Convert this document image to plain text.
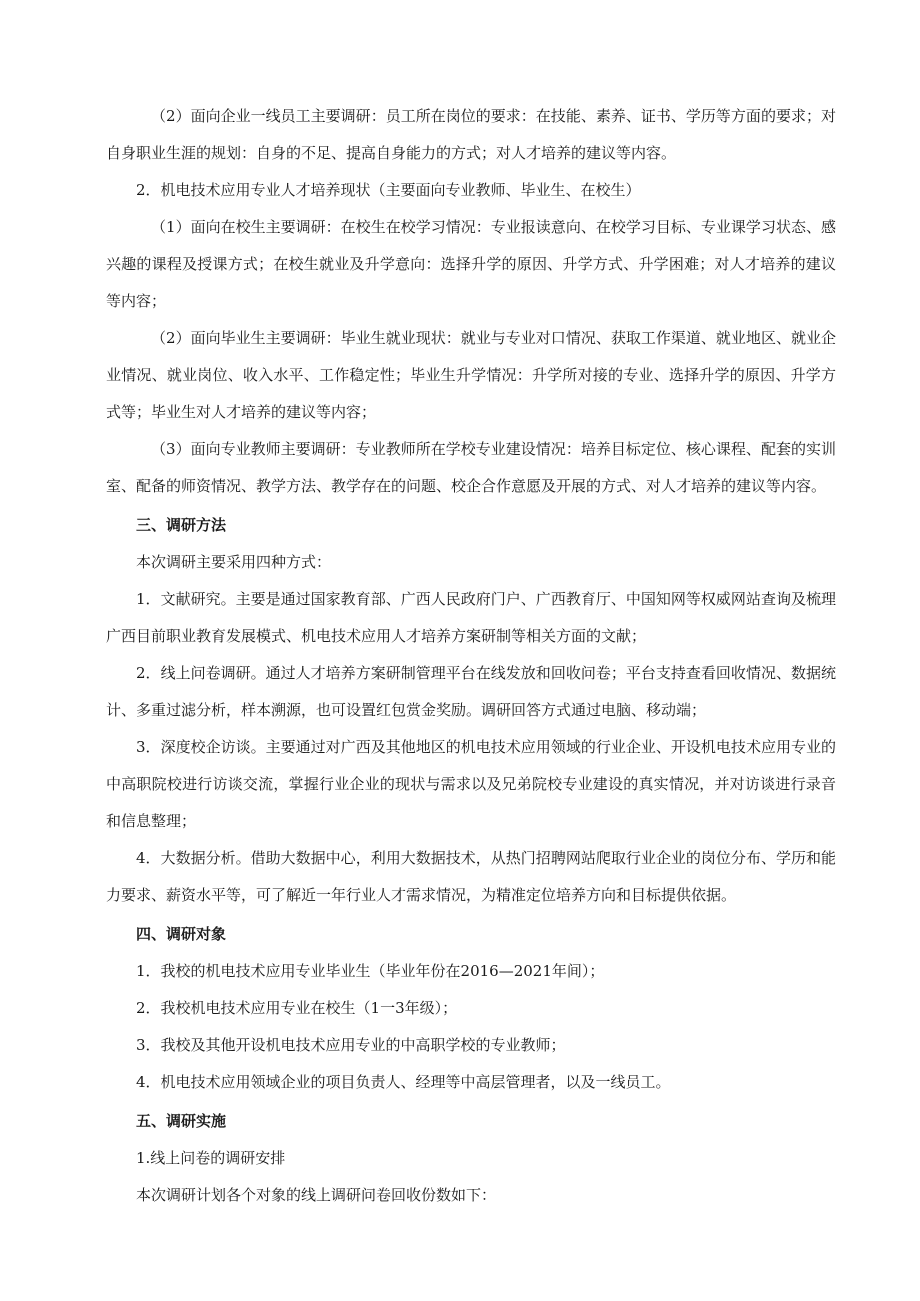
（2）面向企业一线员工主要调研：员工所在岗位的要求：在技能、素养、证书、学历等方面的要求；对自身职业生涯的规划：自身的不足、提高自身能力的方式；对人才培养的建议等内容。

2．机电技术应用专业人才培养现状（主要面向专业教师、毕业生、在校生）

（1）面向在校生主要调研：在校生在校学习情况：专业报读意向、在校学习目标、专业课学习状态、感兴趣的课程及授课方式；在校生就业及升学意向：选择升学的原因、升学方式、升学困难；对人才培养的建议等内容；

（2）面向毕业生主要调研：毕业生就业现状：就业与专业对口情况、获取工作渠道、就业地区、就业企业情况、就业岗位、收入水平、工作稳定性；毕业生升学情况：升学所对接的专业、选择升学的原因、升学方式等；毕业生对人才培养的建议等内容；

（3）面向专业教师主要调研：专业教师所在学校专业建设情况：培养目标定位、核心课程、配套的实训室、配备的师资情况、教学方法、教学存在的问题、校企合作意愿及开展的方式、对人才培养的建议等内容。

三、调研方法

本次调研主要采用四种方式：

1．文献研究。主要是通过国家教育部、广西人民政府门户、广西教育厅、中国知网等权威网站查询及梳理广西目前职业教育发展模式、机电技术应用人才培养方案研制等相关方面的文献；

2．线上问卷调研。通过人才培养方案研制管理平台在线发放和回收问卷；平台支持查看回收情况、数据统计、多重过滤分析，样本溯源，也可设置红包赏金奖励。调研回答方式通过电脑、移动端；

3．深度校企访谈。主要通过对广西及其他地区的机电技术应用领域的行业企业、开设机电技术应用专业的中高职院校进行访谈交流，掌握行业企业的现状与需求以及兄弟院校专业建设的真实情况，并对访谈进行录音和信息整理；

4．大数据分析。借助大数据中心，利用大数据技术，从热门招聘网站爬取行业企业的岗位分布、学历和能力要求、薪资水平等，可了解近一年行业人才需求情况，为精准定位培养方向和目标提供依据。

四、调研对象

1．我校的机电技术应用专业毕业生（毕业年份在2016—2021年间）；

2．我校机电技术应用专业在校生（1一3年级）；

3．我校及其他开设机电技术应用专业的中高职学校的专业教师；

4．机电技术应用领域企业的项目负责人、经理等中高层管理者，以及一线员工。

五、调研实施

1.线上问卷的调研安排

本次调研计划各个对象的线上调研问卷回收份数如下：
